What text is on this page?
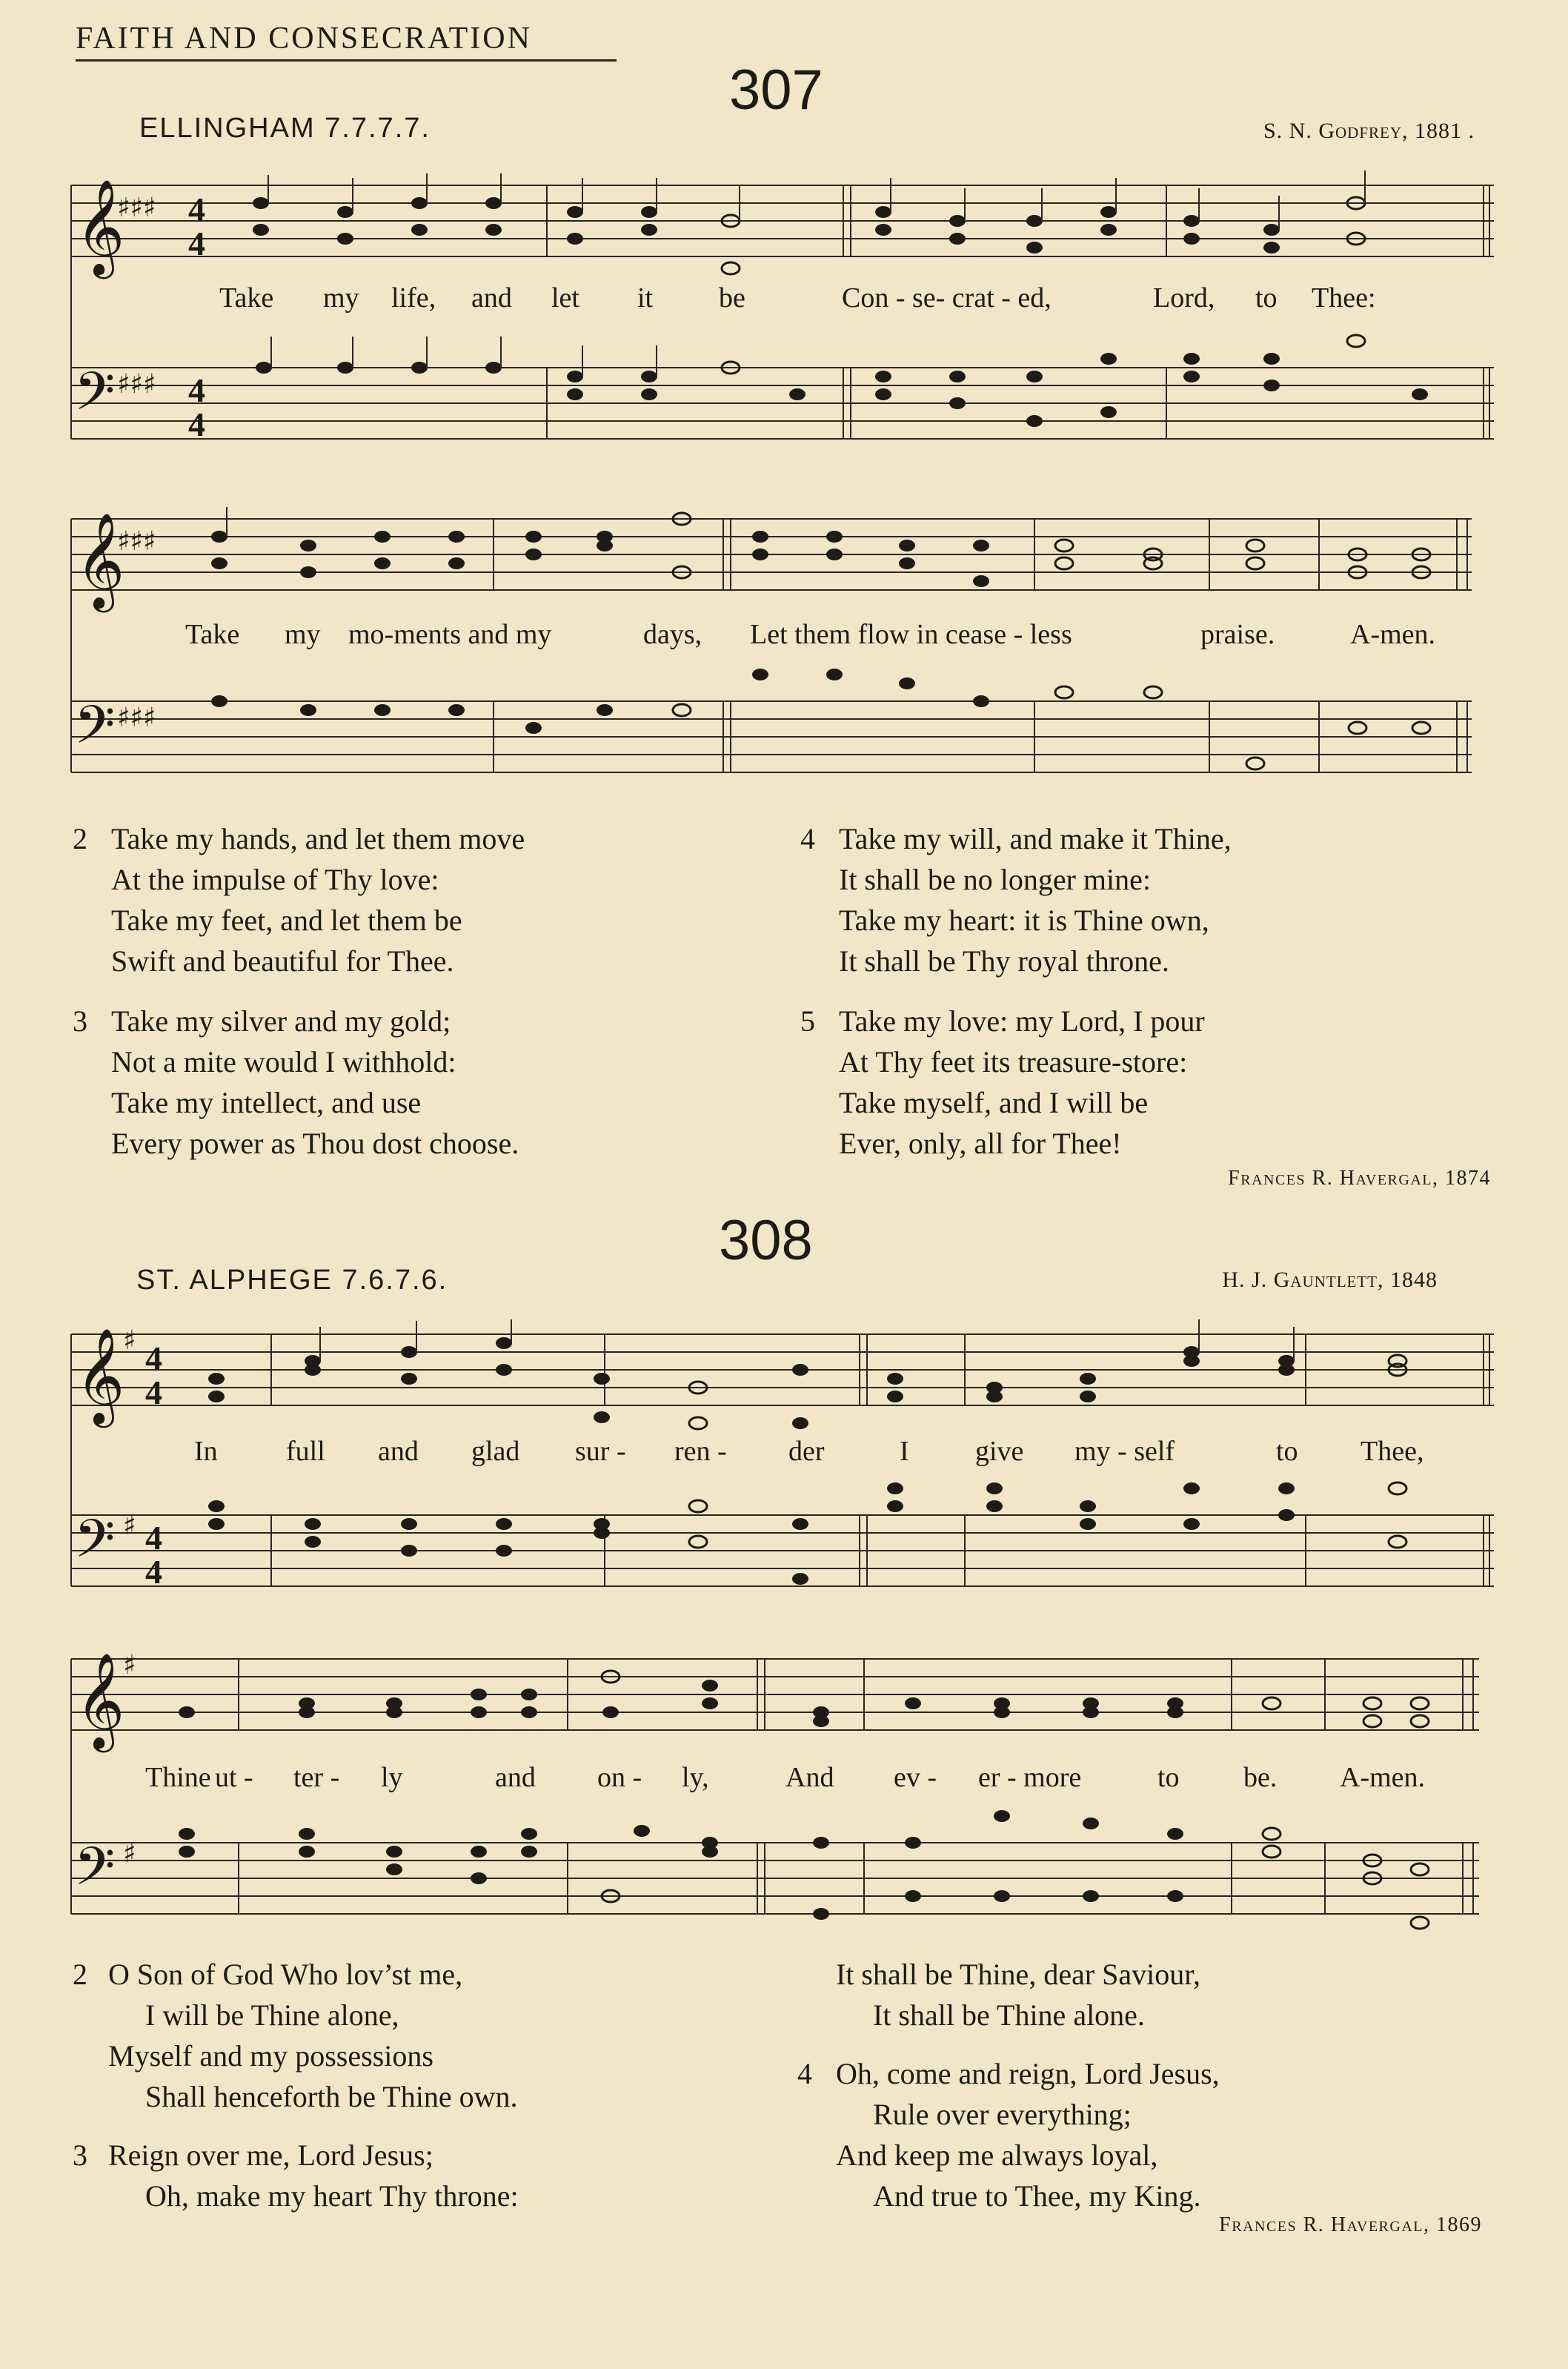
FAITH AND CONSECRATION
307
ELLINGHAM 7.7.7.7.	S. N. Godfrey, 1881 .
𝄞
𝄢
♯♯♯
♯♯♯
4
4
4
4
Take my life, and let it be	Con - se- crat - ed,	Lord, to Thee:
𝄞
𝄢
♯♯♯
♯♯♯
Take my mo-ments and my	days, Let them flow in cease - less	praise.	A-men.
2 Take my hands, and let them move
At the impulse of Thy love:
Take my feet, and let them be
Swift and beautiful for Thee.
3 Take my silver and my gold;
Not a mite would I withhold:
Take my intellect, and use
Every power as Thou dost choose.
4 Take my will, and make it Thine,
It shall be no longer mine:
Take my heart: it is Thine own,
It shall be Thy royal throne.
5 Take my love: my Lord, I pour
At Thy feet its treasure-store:
Take myself, and I will be
Ever, only, all for Thee!
Frances R. Havergal, 1874
308
ST. ALPHEGE 7.6.7.6.	H. J. Gauntlett, 1848
𝄞
𝄢
♯
♯
4
4
4
4
In full and glad sur - ren - der	I give my - self	to Thee,
𝄞
𝄢
♯
♯
Thine ut - ter - ly	and on - ly,	And ev - er - more	to be. A-men.
2 O Son of God Who lov’st me,
I will be Thine alone,
Myself and my possessions
Shall henceforth be Thine own.
3 Reign over me, Lord Jesus;
Oh, make my heart Thy throne:
It shall be Thine, dear Saviour,
It shall be Thine alone.
4 Oh, come and reign, Lord Jesus,
Rule over everything;
And keep me always loyal,
And true to Thee, my King.
Frances R. Havergal, 1869
